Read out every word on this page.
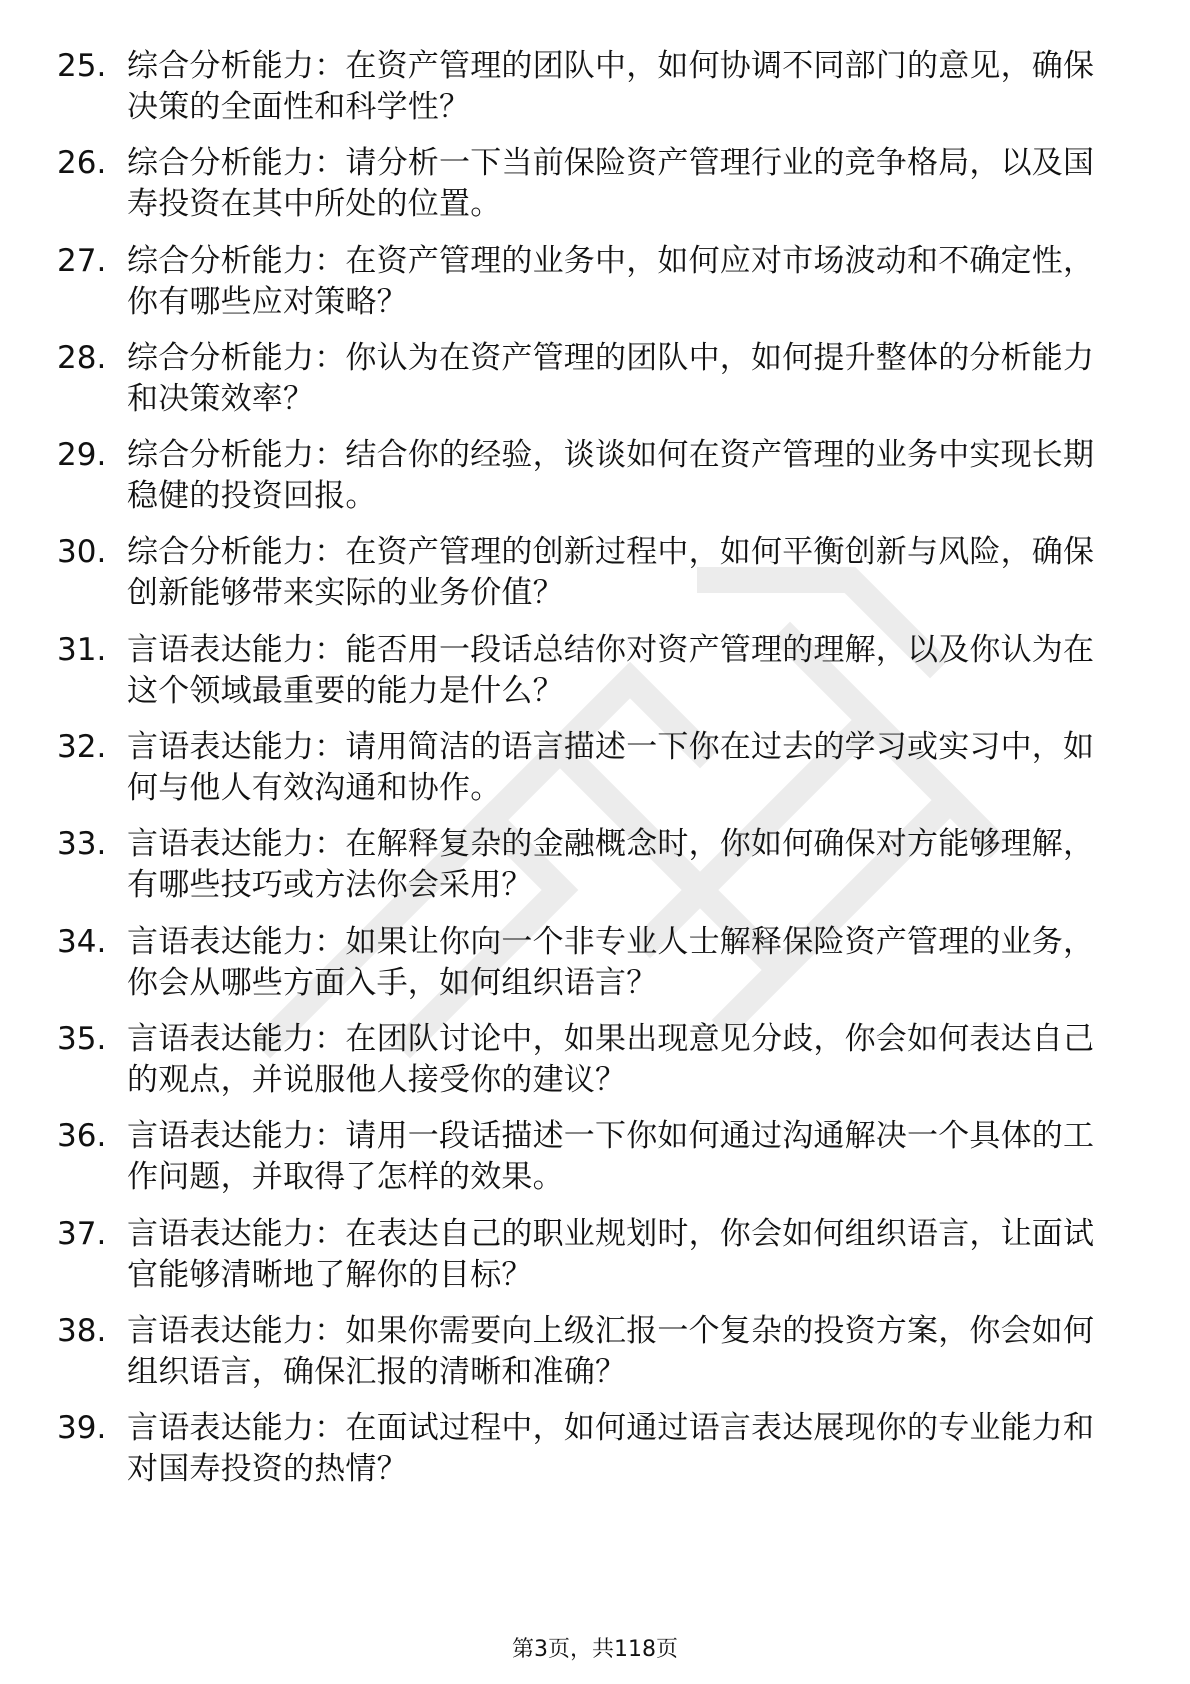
25. 综合分析能力：在资产管理的团队中，如何协调不同部门的意见，确保决策的全面性和科学性？
26. 综合分析能力：请分析一下当前保险资产管理行业的竞争格局，以及国寿投资在其中所处的位置。
27. 综合分析能力：在资产管理的业务中，如何应对市场波动和不确定性，你有哪些应对策略？
28. 综合分析能力：你认为在资产管理的团队中，如何提升整体的分析能力和决策效率？
29. 综合分析能力：结合你的经验，谈谈如何在资产管理的业务中实现长期稳健的投资回报。
30. 综合分析能力：在资产管理的创新过程中，如何平衡创新与风险，确保创新能够带来实际的业务价值？
31. 言语表达能力：能否用一段话总结你对资产管理的理解，以及你认为在这个领域最重要的能力是什么？
32. 言语表达能力：请用简洁的语言描述一下你在过去的学习或实习中，如何与他人有效沟通和协作。
33. 言语表达能力：在解释复杂的金融概念时，你如何确保对方能够理解，有哪些技巧或方法你会采用？
34. 言语表达能力：如果让你向一个非专业人士解释保险资产管理的业务，你会从哪些方面入手，如何组织语言？
35. 言语表达能力：在团队讨论中，如果出现意见分歧，你会如何表达自己的观点，并说服他人接受你的建议？
36. 言语表达能力：请用一段话描述一下你如何通过沟通解决一个具体的工作问题，并取得了怎样的效果。
37. 言语表达能力：在表达自己的职业规划时，你会如何组织语言，让面试官能够清晰地了解你的目标？
38. 言语表达能力：如果你需要向上级汇报一个复杂的投资方案，你会如何组织语言，确保汇报的清晰和准确？
39. 言语表达能力：在面试过程中，如何通过语言表达展现你的专业能力和对国寿投资的热情？
第3页，共118页
